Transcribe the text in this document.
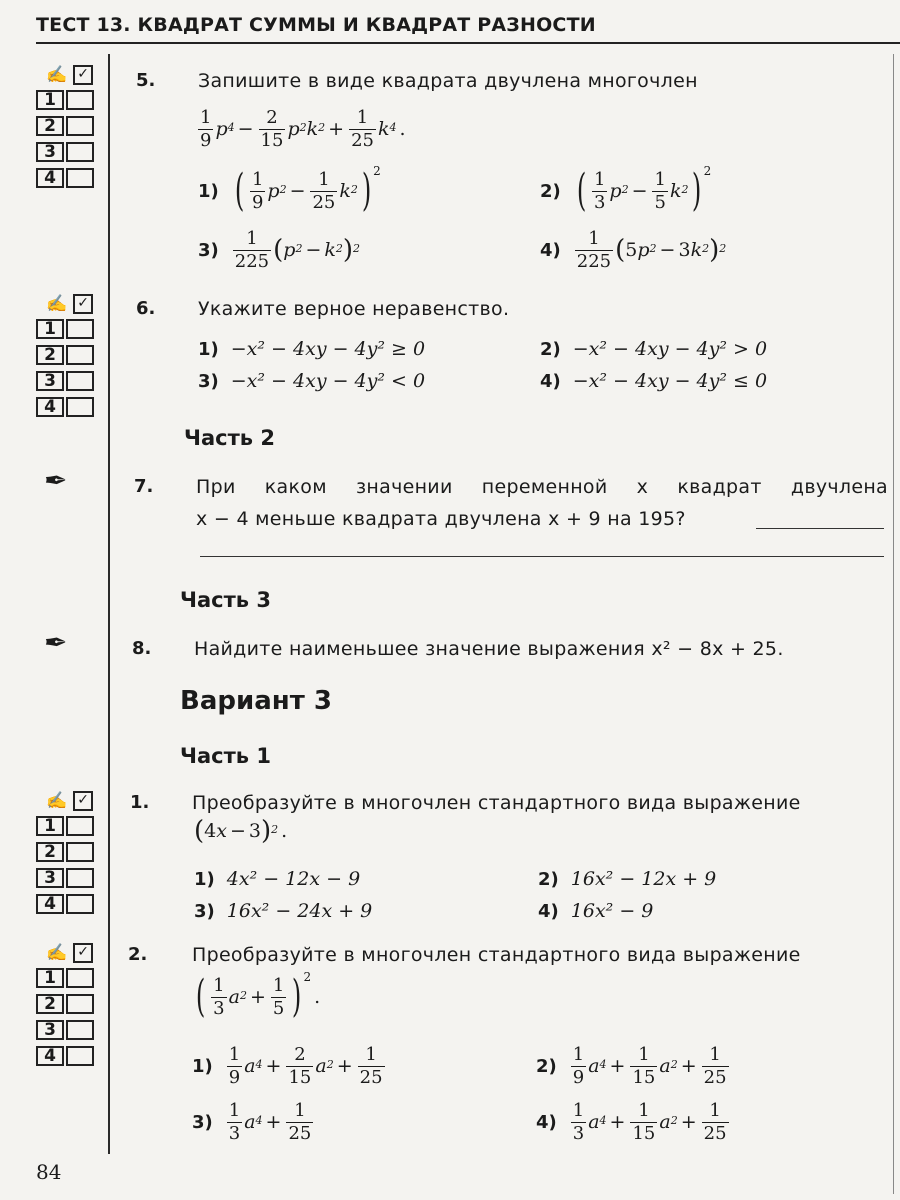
ТЕСТ 13. КВАДРАТ СУММЫ И КВАДРАТ РАЗНОСТИ
✍ ✓
1
2
3
4
✍ ✓
1
2
3
4
✍ ✓
1
2
3
4
✍ ✓
1
2
3
4
✒
✒
5. Запишите в виде квадрата двучлена многочлен
$\frac{1}{9} p^4 - \frac{2}{15} p^2$ $k^2 + \frac{1}{25} k^4$ .
1) ( $\frac{1}{9} p^2 - \frac{1}{25} k^2$ ) 2
2) ( $\frac{1}{3} p^2 - \frac{1}{5} k^2$ ) 2
$3) \frac{1}{225}$ ( $p^2 - k^2$ )$^2$	$4) \frac{1}{225}$ ( 5 $p^2 - 3$ $k^2$ )$^2$
6. Укажите верное неравенство.
1) −x² − 4xy − 4y² ≥ 0	2) −x² − 4xy − 4y² > 0
3) −x² − 4xy − 4y² < 0	4) −x² − 4xy − 4y² ≤ 0
Часть 2
7. При каком значении переменной x квадрат двучлена
x − 4 меньше квадрата двучлена x + 9 на 195?
Часть 3
8. Найдите наименьшее значение выражения x² − 8x + 25.
Вариант 3
Часть 1
1. Преобразуйте в многочлен стандартного вида выражение
( 4 x − 3 )$^2$ .
1) 4x² − 12x − 9	2) 16x² − 12x + 9
3) 16x² − 24x + 9	4) 16x² − 9
2. Преобразуйте в многочлен стандартного вида выражение
( $\frac{1}{3} a^2 + \frac{1}{5}$ ) 2
.
$1) \frac{1}{9} a^4 + \frac{2}{15} a^2 + \frac{1}{25}$	$2) \frac{1}{9} a^4 + \frac{1}{15} a^2 + \frac{1}{25}$
$3) \frac{1}{3} a^4 + \frac{1}{25}$	$4) \frac{1}{3} a^4 + \frac{1}{15} a^2 + \frac{1}{25}$
84
